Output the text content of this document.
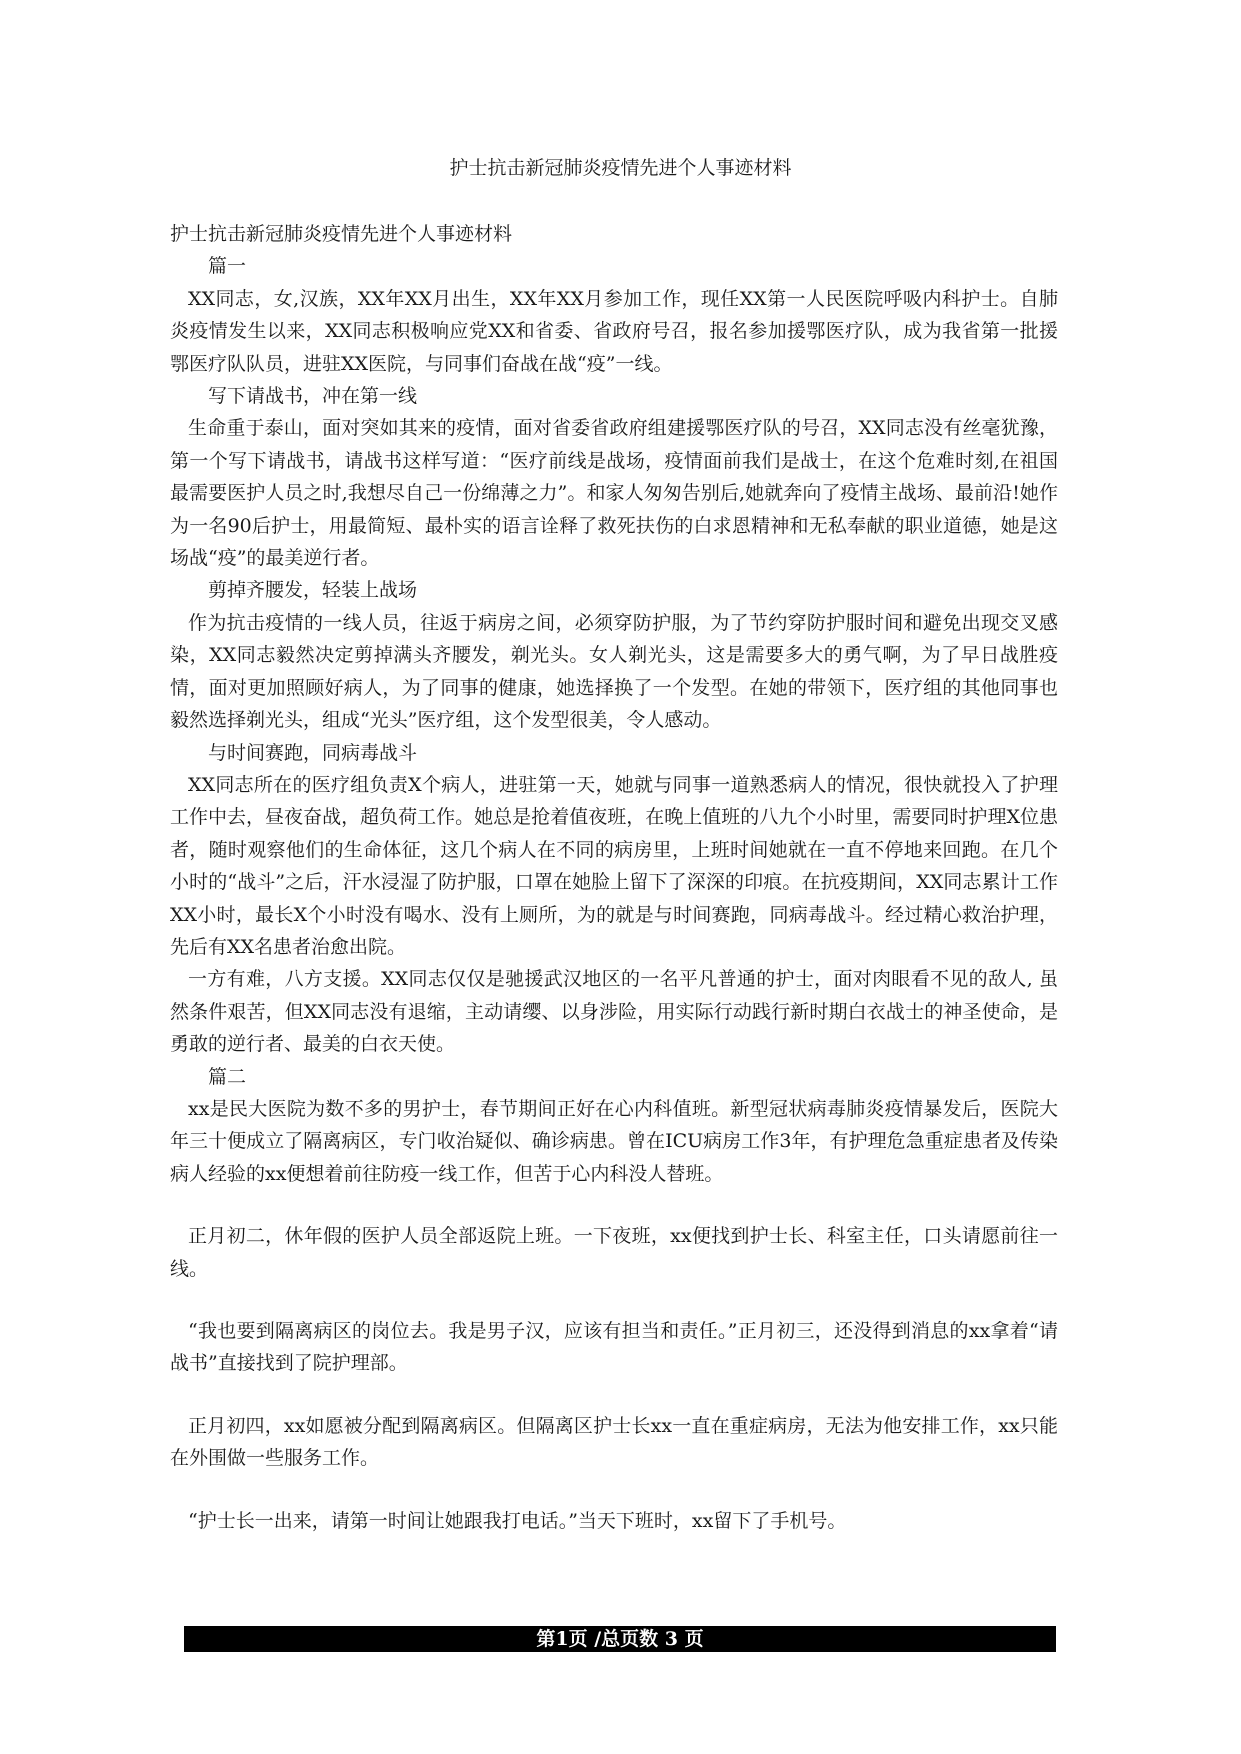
护士抗击新冠肺炎疫情先进个人事迹材料

护士抗击新冠肺炎疫情先进个人事迹材料

篇一

XX同志，女,汉族，XX年XX月出生，XX年XX月参加工作，现任XX第一人民医院呼吸内科护士。自肺炎疫情发生以来，XX同志积极响应党XX和省委、省政府号召，报名参加援鄂医疗队，成为我省第一批援鄂医疗队队员，进驻XX医院，与同事们奋战在战“疫”一线。

写下请战书，冲在第一线

生命重于泰山，面对突如其来的疫情，面对省委省政府组建援鄂医疗队的号召，XX同志没有丝毫犹豫，第一个写下请战书，请战书这样写道：“医疗前线是战场，疫情面前我们是战士，在这个危难时刻,在祖国最需要医护人员之时,我想尽自己一份绵薄之力”。和家人匆匆告别后,她就奔向了疫情主战场、最前沿!她作为一名90后护士，用最简短、最朴实的语言诠释了救死扶伤的白求恩精神和无私奉献的职业道德，她是这场战“疫”的最美逆行者。

剪掉齐腰发，轻装上战场

作为抗击疫情的一线人员，往返于病房之间，必须穿防护服，为了节约穿防护服时间和避免出现交叉感染，XX同志毅然决定剪掉满头齐腰发，剃光头。女人剃光头，这是需要多大的勇气啊，为了早日战胜疫情，面对更加照顾好病人，为了同事的健康，她选择换了一个发型。在她的带领下，医疗组的其他同事也毅然选择剃光头，组成“光头”医疗组，这个发型很美，令人感动。

与时间赛跑，同病毒战斗

XX同志所在的医疗组负责X个病人，进驻第一天，她就与同事一道熟悉病人的情况，很快就投入了护理工作中去，昼夜奋战，超负荷工作。她总是抢着值夜班，在晚上值班的八九个小时里，需要同时护理X位患者，随时观察他们的生命体征，这几个病人在不同的病房里，上班时间她就在一直不停地来回跑。在几个小时的“战斗”之后，汗水浸湿了防护服，口罩在她脸上留下了深深的印痕。在抗疫期间，XX同志累计工作XX小时，最长X个小时没有喝水、没有上厕所，为的就是与时间赛跑，同病毒战斗。经过精心救治护理，先后有XX名患者治愈出院。

一方有难，八方支援。XX同志仅仅是驰援武汉地区的一名平凡普通的护士，面对肉眼看不见的敌人, 虽然条件艰苦，但XX同志没有退缩，主动请缨、以身涉险，用实际行动践行新时期白衣战士的神圣使命，是勇敢的逆行者、最美的白衣天使。

篇二

xx是民大医院为数不多的男护士，春节期间正好在心内科值班。新型冠状病毒肺炎疫情暴发后，医院大年三十便成立了隔离病区，专门收治疑似、确诊病患。曾在ICU病房工作3年，有护理危急重症患者及传染病人经验的xx便想着前往防疫一线工作，但苦于心内科没人替班。

正月初二，休年假的医护人员全部返院上班。一下夜班，xx便找到护士长、科室主任，口头请愿前往一线。

“我也要到隔离病区的岗位去。我是男子汉，应该有担当和责任。”正月初三，还没得到消息的xx拿着“请战书”直接找到了院护理部。

正月初四，xx如愿被分配到隔离病区。但隔离区护士长xx一直在重症病房，无法为他安排工作，xx只能在外围做一些服务工作。

“护士长一出来，请第一时间让她跟我打电话。”当天下班时，xx留下了手机号。

第1页 /总页数 3 页
